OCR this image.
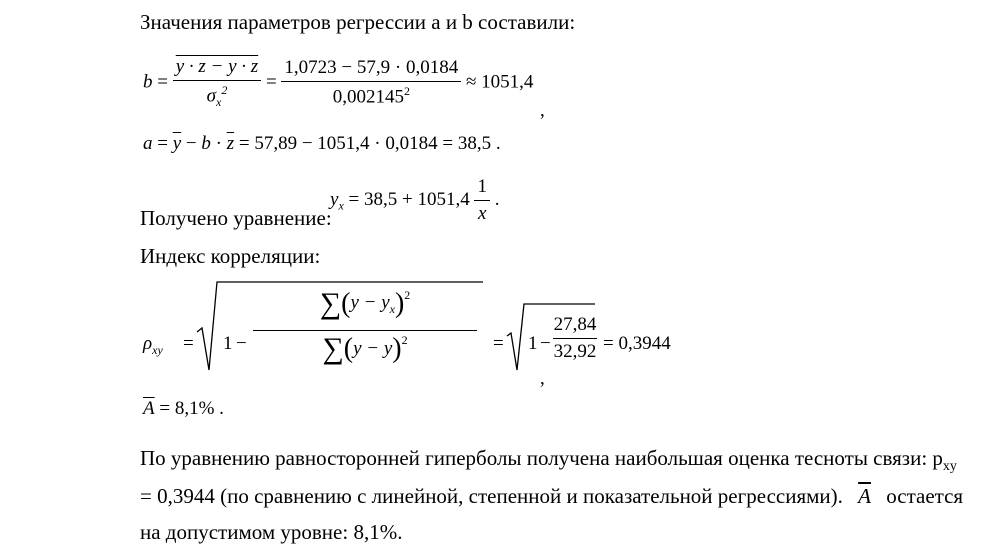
Значения параметров регрессии a и b составили:
$b = \frac{y \cdot z - y \cdot z}{\sigma_x^2} = \frac{1,0723 - 57,9 \cdot 0,0184}{0,002145^2} \approx 1051,4$
,
$a = \overline{y} - b \cdot \overline{z} = 57,89 - 1051,4 \cdot 0,0184 = 38,5$ .
$y_x = 38,5 + 1051,4 \frac{1}{x}$ .
Получено уравнение:
Индекс корреляции:
$\rho_{xy} = 1$ −
$\sum(y - y_x)^2$
$\sum(y - y)^2$	= 1 −
27,84
32,92 = 0,3944
,
$\overline{A} = 8,1\%$ .
По уравнению равносторонней гиперболы получена наибольшая оценка тесноты связи: $p_{xy}$
= 0,3944 (по сравнению с линейной, степенной и показательной регрессиями). $\overline{A}$ остается
на допустимом уровне: 8,1%.
